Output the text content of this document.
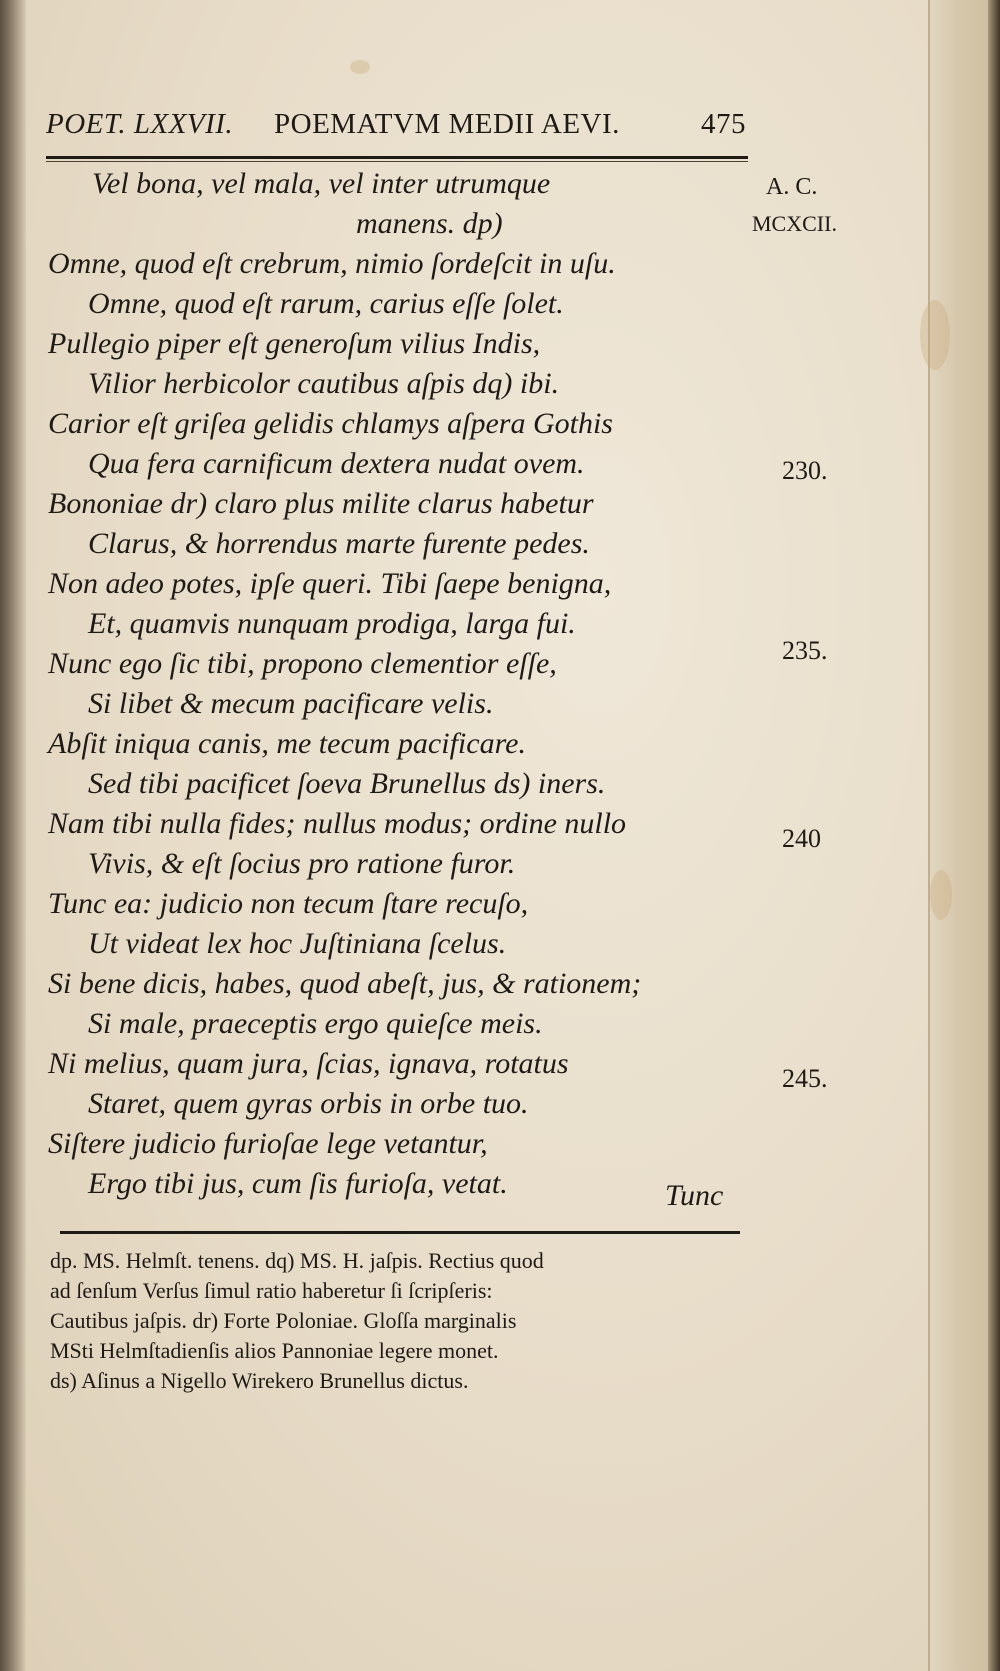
POET. LXXVII. POEMATVM MEDII AEVI.	475
A. C.
MCXCII.
Vel bona, vel mala, vel inter utrumque
manens. dp)
Omne, quod eſt crebrum, nimio ſordeſcit in uſu.
Omne, quod eſt rarum, carius eſſe ſolet.
Pullegio piper eſt generoſum vilius Indis,
Vilior herbicolor cautibus aſpis dq) ibi.
Carior eſt griſea gelidis chlamys aſpera Gothis
Qua fera carnificum dextera nudat ovem.
Bononiae dr) claro plus milite clarus habetur
Clarus, & horrendus marte furente pedes.
Non adeo potes, ipſe queri. Tibi ſaepe benigna,
Et, quamvis nunquam prodiga, larga fui.
Nunc ego ſic tibi, propono clementior eſſe,
Si libet & mecum pacificare velis.
Abſit iniqua canis, me tecum pacificare.
Sed tibi pacificet ſoeva Brunellus ds) iners.
Nam tibi nulla fides; nullus modus; ordine nullo
Vivis, & eſt ſocius pro ratione furor.
Tunc ea: judicio non tecum ſtare recuſo,
Ut videat lex hoc Juſtiniana ſcelus.
Si bene dicis, habes, quod abeſt, jus, & rationem;
Si male, praeceptis ergo quieſce meis.
Ni melius, quam jura, ſcias, ignava, rotatus
Staret, quem gyras orbis in orbe tuo.
Siſtere judicio furioſae lege vetantur,
Ergo tibi jus, cum ſis furioſa, vetat.
230.
235.
240
245.
Tunc
dp. MS. Helmſt. tenens. dq) MS. H. jaſpis. Rectius quod
ad ſenſum Verſus ſimul ratio haberetur ſi ſcripſeris:
Cautibus jaſpis. dr) Forte Poloniae. Gloſſa marginalis
MSti Helmſtadienſis alios Pannoniae legere monet.
ds) Aſinus a Nigello Wirekero Brunellus dictus.
